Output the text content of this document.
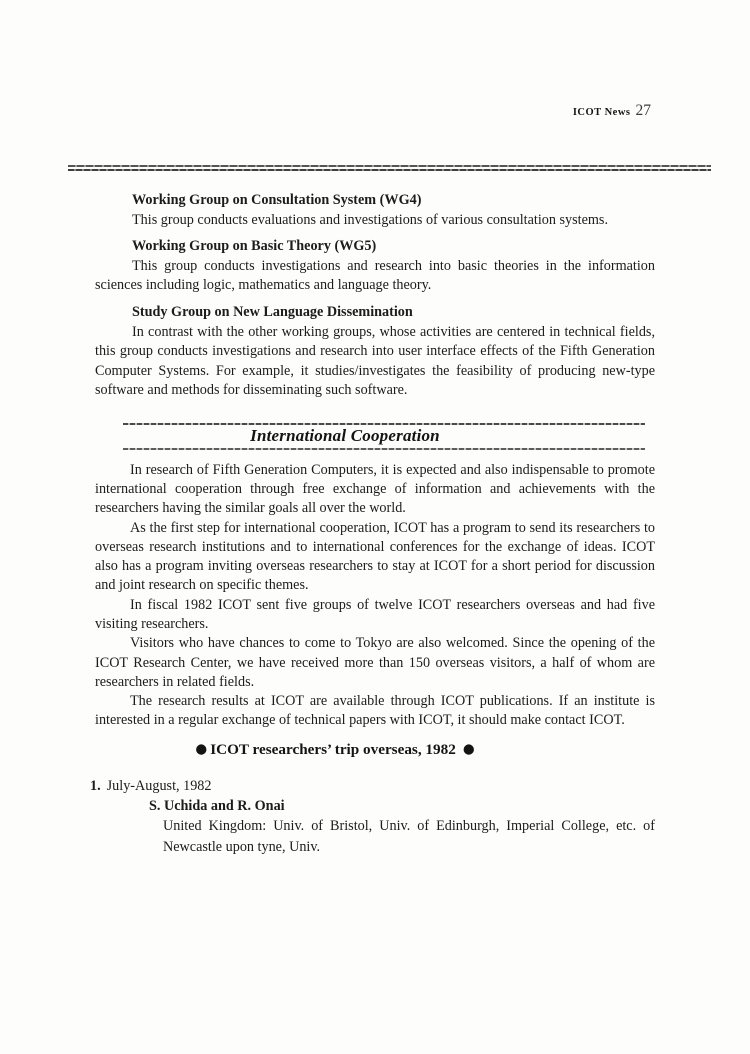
ICOT News 27
Working Group on Consultation System (WG4)

This group conducts evaluations and investigations of various consultation systems.

Working Group on Basic Theory (WG5)

This group conducts investigations and research into basic theories in the information sciences including logic, mathematics and language theory.

Study Group on New Language Dissemination

In contrast with the other working groups, whose activities are centered in technical fields, this group conducts investigations and research into user interface effects of the Fifth Generation Computer Systems. For example, it studies/investigates the feasibility of producing new-type software and methods for disseminating such software.

International Cooperation

In research of Fifth Generation Computers, it is expected and also indispensable to promote international cooperation through free exchange of information and achievements with the researchers having the similar goals all over the world.

As the first step for international cooperation, ICOT has a program to send its researchers to overseas research institutions and to international conferences for the exchange of ideas. ICOT also has a program inviting overseas researchers to stay at ICOT for a short period for discussion and joint research on specific themes.

In fiscal 1982 ICOT sent five groups of twelve ICOT researchers overseas and had five visiting researchers.

Visitors who have chances to come to Tokyo are also welcomed. Since the opening of the ICOT Research Center, we have received more than 150 overseas visitors, a half of whom are researchers in related fields.

The research results at ICOT are available through ICOT publications. If an institute is interested in a regular exchange of technical papers with ICOT, it should make contact ICOT.

● ICOT researchers’ trip overseas, 1982 ●
1. July-August, 1982
S. Uchida and R. Onai
United Kingdom: Univ. of Bristol, Univ. of Edinburgh, Imperial College, etc. of Newcastle upon tyne, Univ.
